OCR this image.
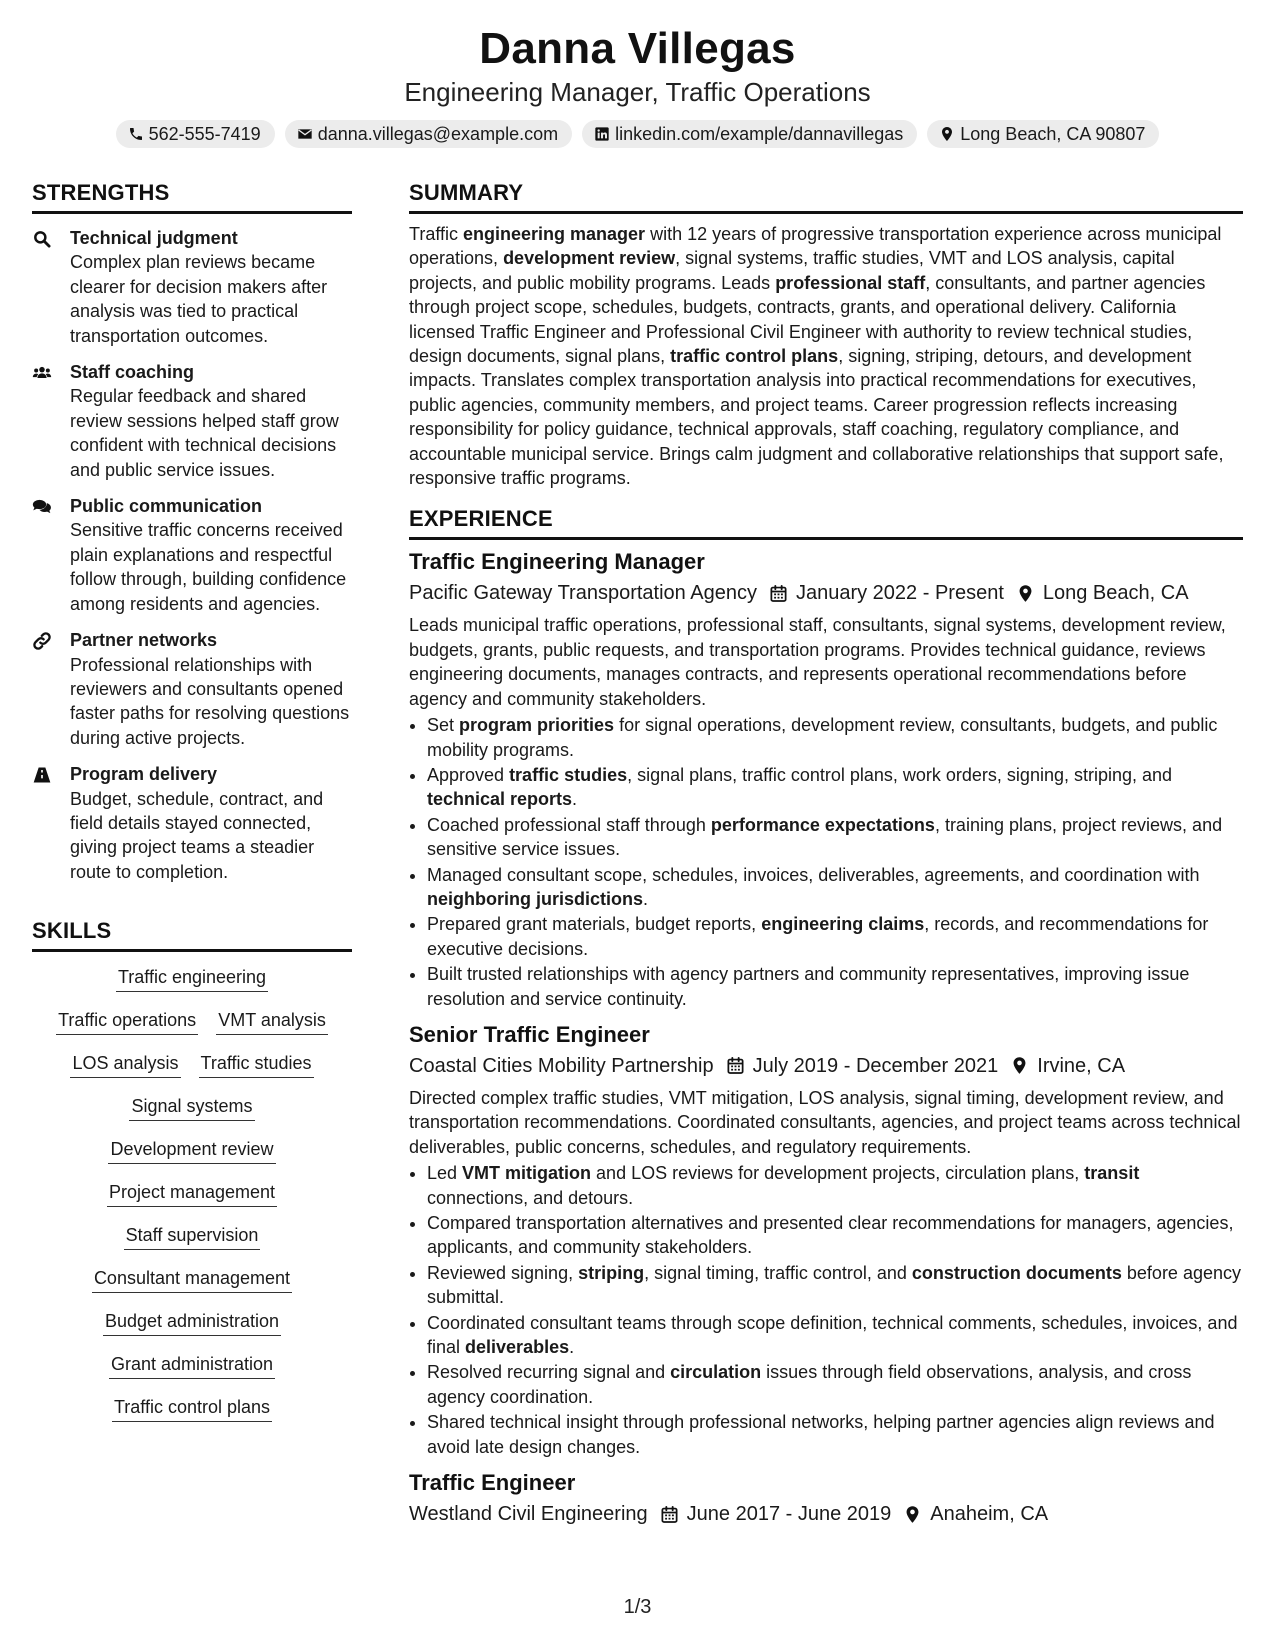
Danna Villegas
Engineering Manager, Traffic Operations
562-555-7419	danna.villegas@example.com	linkedin.com/example/dannavillegas	Long Beach, CA 90807
STRENGTHS
Technical judgment
Complex plan reviews became clearer for decision makers after analysis was tied to practical transportation outcomes.
Staff coaching
Regular feedback and shared review sessions helped staff grow confident with technical decisions and public service issues.
Public communication
Sensitive traffic concerns received plain explanations and respectful follow through, building confidence among residents and agencies.
Partner networks
Professional relationships with reviewers and consultants opened faster paths for resolving questions during active projects.
Program delivery
Budget, schedule, contract, and field details stayed connected, giving project teams a steadier route to completion.
SKILLS
Traffic engineering
Traffic operations VMT analysis
LOS analysis Traffic studies
Signal systems
Development review
Project management
Staff supervision
Consultant management
Budget administration
Grant administration
Traffic control plans
SUMMARY
Traffic engineering manager with 12 years of progressive transportation experience across municipal operations, development review, signal systems, traffic studies, VMT and LOS analysis, capital projects, and public mobility programs. Leads professional staff, consultants, and partner agencies through project scope, schedules, budgets, contracts, grants, and operational delivery. California licensed Traffic Engineer and Professional Civil Engineer with authority to review technical studies, design documents, signal plans, traffic control plans, signing, striping, detours, and development impacts. Translates complex transportation analysis into practical recommendations for executives, public agencies, community members, and project teams. Career progression reflects increasing responsibility for policy guidance, technical approvals, staff coaching, regulatory compliance, and accountable municipal service. Brings calm judgment and collaborative relationships that support safe, responsive traffic programs.
EXPERIENCE
Traffic Engineering Manager
Pacific Gateway Transportation Agency January 2022 - Present Long Beach, CA
Leads municipal traffic operations, professional staff, consultants, signal systems, development review, budgets, grants, public requests, and transportation programs. Provides technical guidance, reviews engineering documents, manages contracts, and represents operational recommendations before agency and community stakeholders.
• Set program priorities for signal operations, development review, consultants, budgets, and public mobility programs.
• Approved traffic studies, signal plans, traffic control plans, work orders, signing, striping, and technical reports.
• Coached professional staff through performance expectations, training plans, project reviews, and sensitive service issues.
• Managed consultant scope, schedules, invoices, deliverables, agreements, and coordination with neighboring jurisdictions.
• Prepared grant materials, budget reports, engineering claims, records, and recommendations for executive decisions.
• Built trusted relationships with agency partners and community representatives, improving issue resolution and service continuity.
Senior Traffic Engineer
Coastal Cities Mobility Partnership July 2019 - December 2021 Irvine, CA
Directed complex traffic studies, VMT mitigation, LOS analysis, signal timing, development review, and transportation recommendations. Coordinated consultants, agencies, and project teams across technical deliverables, public concerns, schedules, and regulatory requirements.
• Led VMT mitigation and LOS reviews for development projects, circulation plans, transit connections, and detours.
• Compared transportation alternatives and presented clear recommendations for managers, agencies, applicants, and community stakeholders.
• Reviewed signing, striping, signal timing, traffic control, and construction documents before agency submittal.
• Coordinated consultant teams through scope definition, technical comments, schedules, invoices, and final deliverables.
• Resolved recurring signal and circulation issues through field observations, analysis, and cross agency coordination.
• Shared technical insight through professional networks, helping partner agencies align reviews and avoid late design changes.
Traffic Engineer
Westland Civil Engineering June 2017 - June 2019 Anaheim, CA
1/3
